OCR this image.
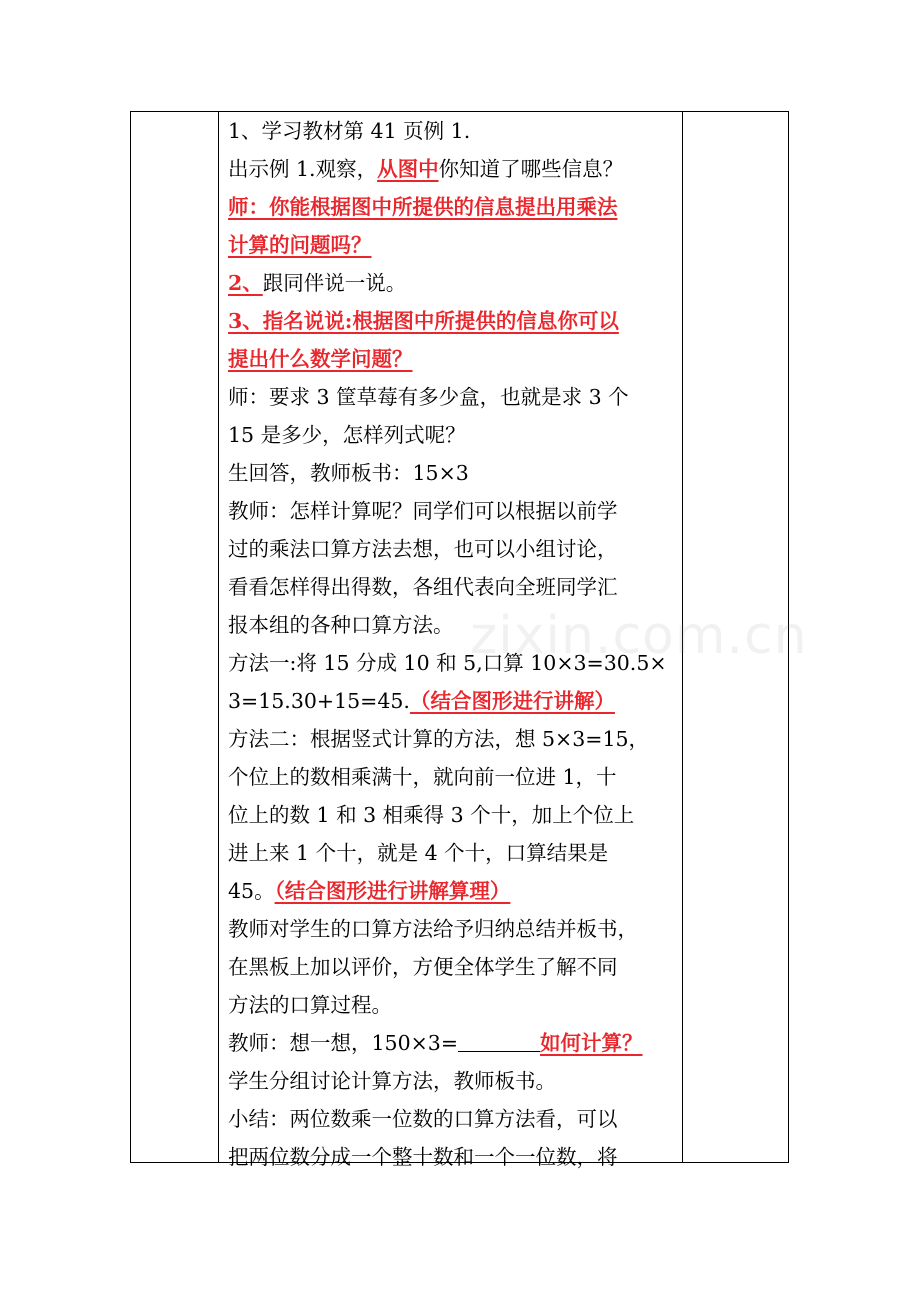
1、学习教材第 41 页例 1.
出示例 1.观察，从图中你知道了哪些信息？
师：你能根据图中所提供的信息提出用乘法
计算的问题吗？
2、跟同伴说一说。
3、指名说说:根据图中所提供的信息你可以
提出什么数学问题？
师：要求 3 筐草莓有多少盒，也就是求 3 个
15 是多少，怎样列式呢？
生回答，教师板书：15×3
教师：怎样计算呢？同学们可以根据以前学
过的乘法口算方法去想，也可以小组讨论，
看看怎样得出得数，各组代表向全班同学汇
报本组的各种口算方法。
方法一:将 15 分成 10 和 5,口算 10×3=30.5×
3=15.30+15=45.（结合图形进行讲解）
方法二：根据竖式计算的方法，想 5×3=15，
个位上的数相乘满十，就向前一位进 1，十
位上的数 1 和 3 相乘得 3 个十，加上个位上
进上来 1 个十，就是 4 个十，口算结果是
45。（结合图形进行讲解算理）
教师对学生的口算方法给予归纳总结并板书，
在黑板上加以评价，方便全体学生了解不同
方法的口算过程。
教师：想一想，150×3=	如何计算？
学生分组讨论计算方法，教师板书。
小结：两位数乘一位数的口算方法看，可以
把两位数分成一个整十数和一个一位数，将
zixin.com.cn
